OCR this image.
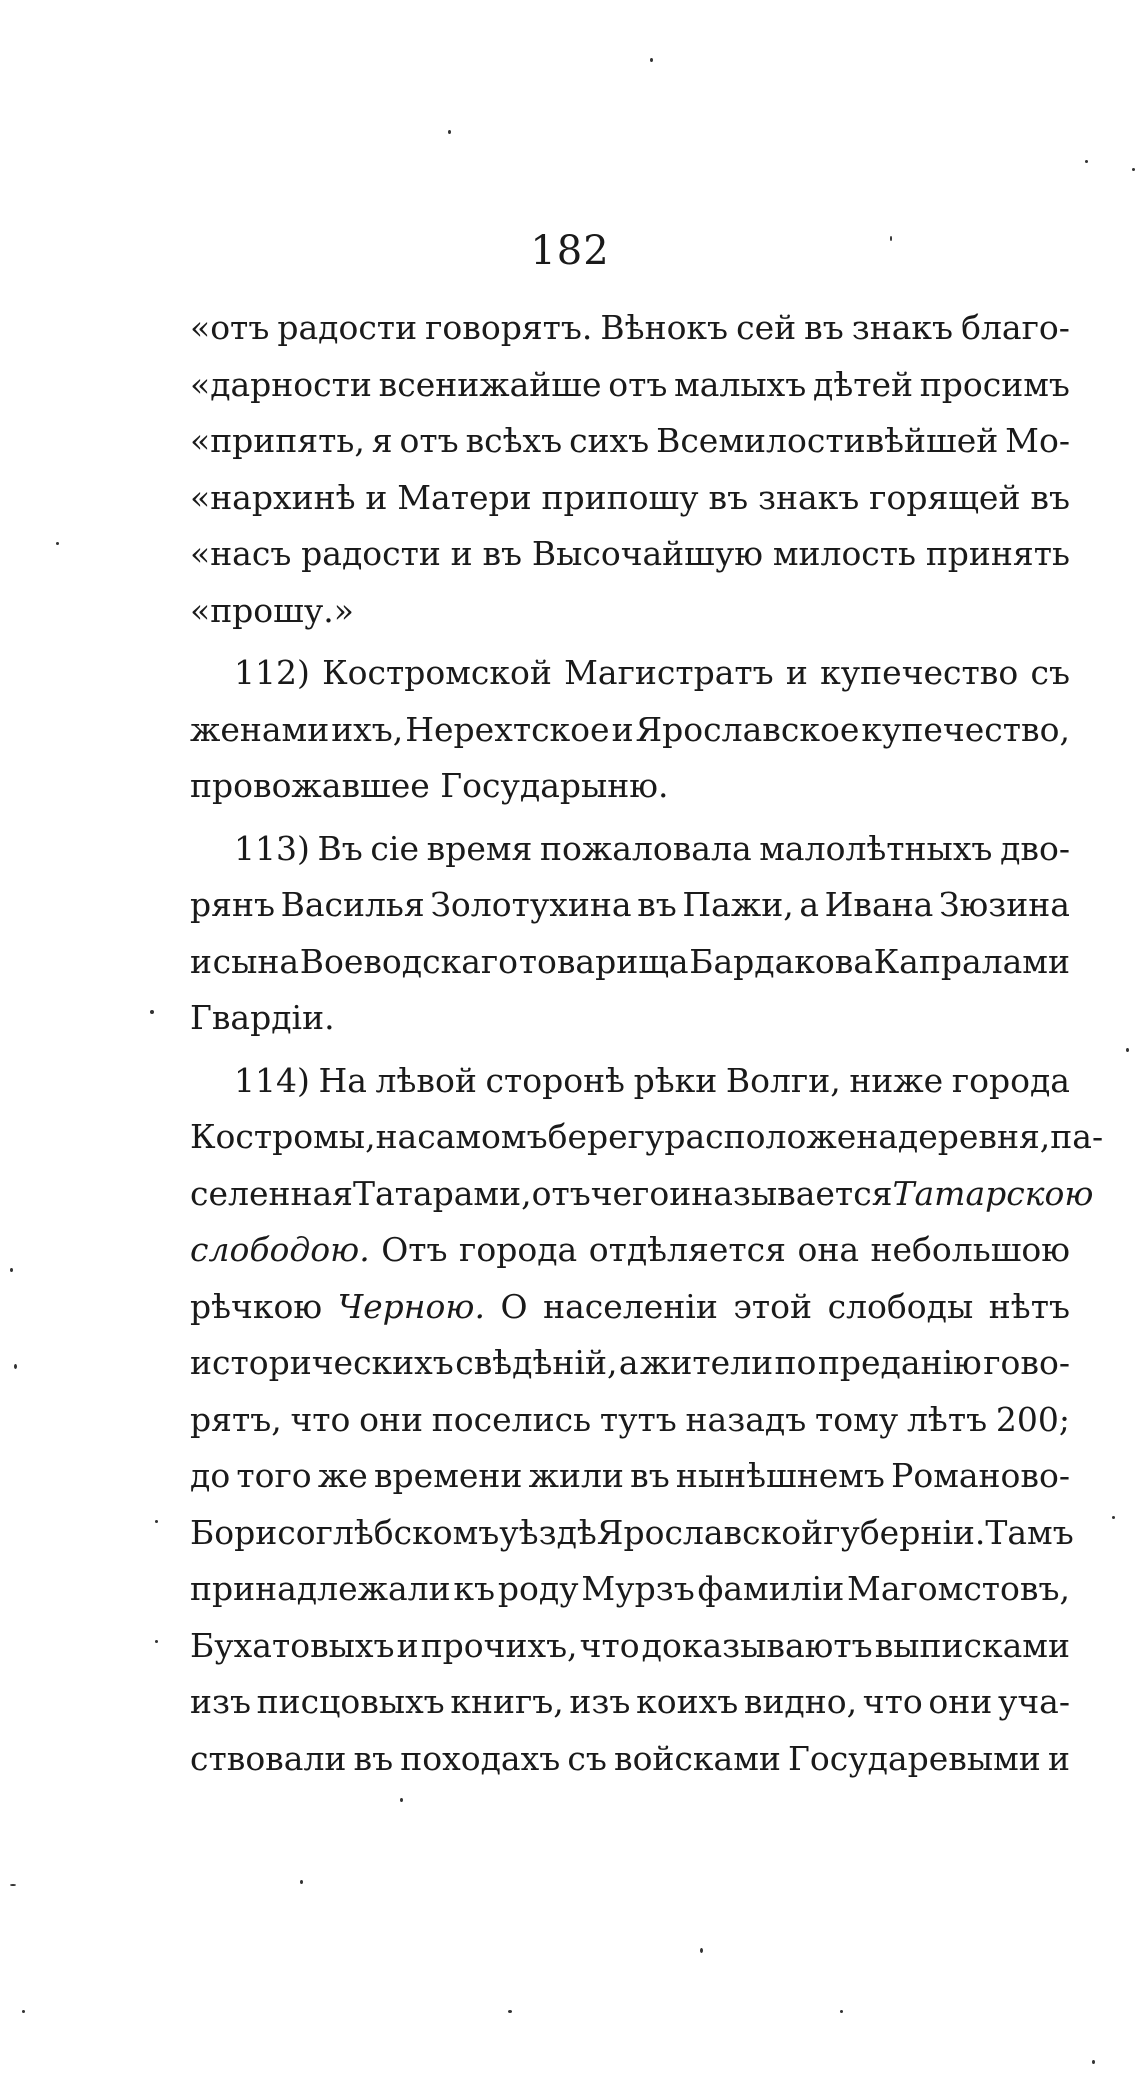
182
«отъ радости говорятъ. Вѣнокъ сей въ знакъ благо-
«дарности всенижайше отъ малыхъ дѣтей просимъ
«припять, я отъ всѣхъ сихъ Всемилостивѣйшей Мо-
«нархинѣ и Матери припошу въ знакъ горящей въ
«насъ радости и въ Высочайшую милость принять
«прошу.»
112) Костромской Магистратъ и купечество съ
женами ихъ, Нерехтское и Ярославское купечество,
провожавшее
Государыню.
113) Въ сіе время пожаловала малолѣтныхъ дво-
рянъ Василья Золотухина въ Пажи, а Ивана Зюзина
и сына Воеводскаго товарища Бардакова Капралами
Гвардіи.
114) На лѣвой сторонѣ рѣки Волги, ниже города
Костромы, на самомъ берегу расположена деревня, па-
селенная Татарами, отъ чего и называется Татарскою
слободою. Отъ города отдѣляется она небольшою
рѣчкою Черною. О населеніи этой слободы нѣтъ
историческихъ свѣдѣній, а жители по преданію гово-
рятъ, что они поселись тутъ назадъ тому лѣтъ 200;
до того же времени жили въ нынѣшнемъ Романово-
Борисоглѣбскомъ уѣздѣ Ярославской губерніи. Тамъ
принадлежали къ роду Мурзъ фамиліи Магомстовъ,
Бухатовыхъ и прочихъ, что доказываютъ выписками
изъ писцовыхъ книгъ, изъ коихъ видно, что они уча-
ствовали въ походахъ съ войсками Государевыми и
